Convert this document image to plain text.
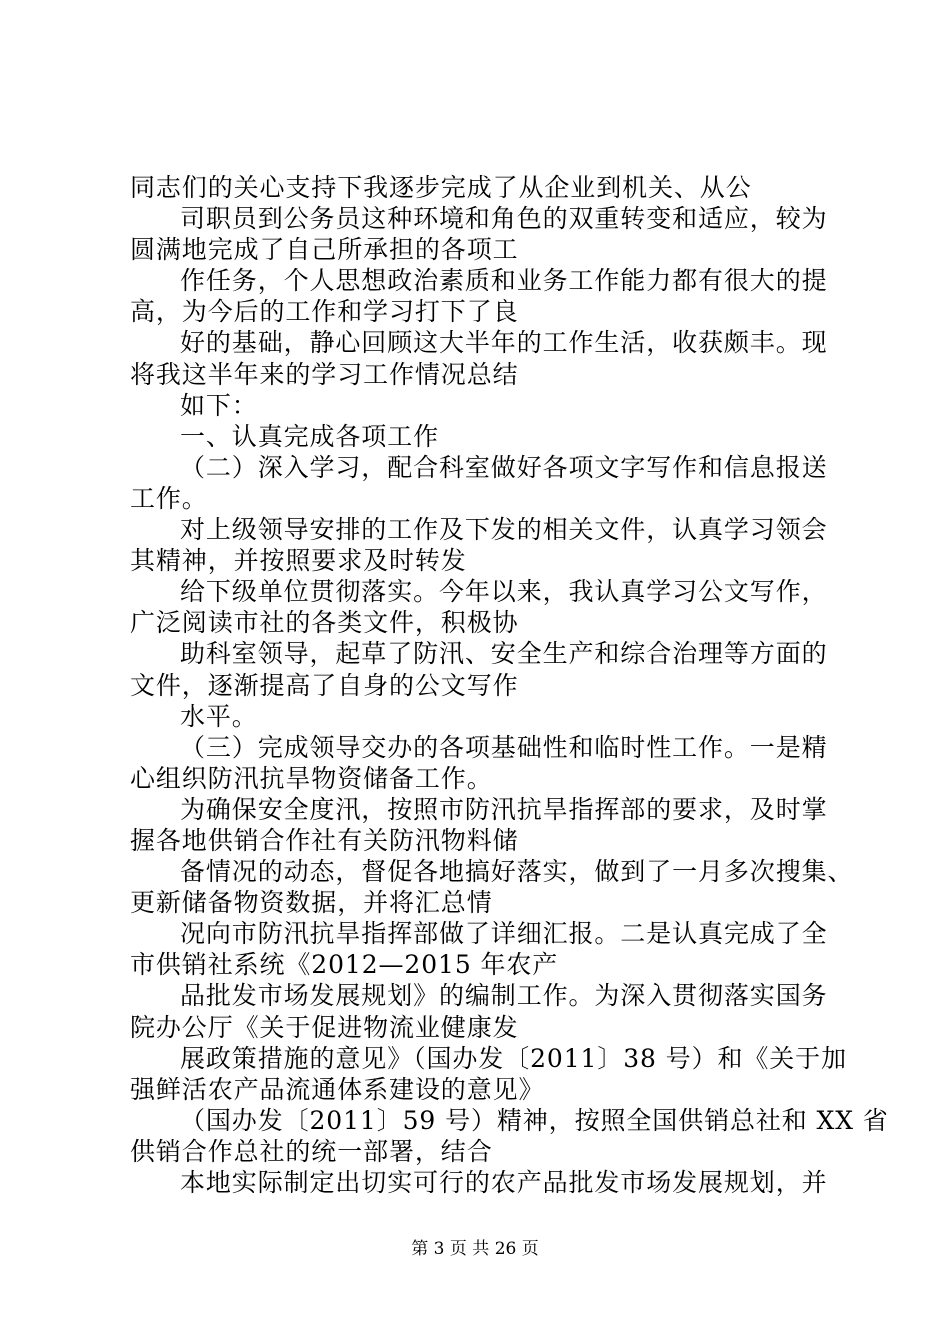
同志们的关心支持下我逐步完成了从企业到机关、从公
司职员到公务员这种环境和角色的双重转变和适应，较为
圆满地完成了自己所承担的各项工
作任务，个人思想政治素质和业务工作能力都有很大的提
高，为今后的工作和学习打下了良
好的基础，静心回顾这大半年的工作生活，收获颇丰。现
将我这半年来的学习工作情况总结
如下：
一、认真完成各项工作
（二）深入学习，配合科室做好各项文字写作和信息报送
工作。
对上级领导安排的工作及下发的相关文件，认真学习领会
其精神，并按照要求及时转发
给下级单位贯彻落实。今年以来，我认真学习公文写作，
广泛阅读市社的各类文件，积极协
助科室领导，起草了防汛、安全生产和综合治理等方面的
文件，逐渐提高了自身的公文写作
水平。
（三）完成领导交办的各项基础性和临时性工作。一是精
心组织防汛抗旱物资储备工作。
为确保安全度汛，按照市防汛抗旱指挥部的要求，及时掌
握各地供销合作社有关防汛物料储
备情况的动态，督促各地搞好落实，做到了一月多次搜集、
更新储备物资数据，并将汇总情
况向市防汛抗旱指挥部做了详细汇报。二是认真完成了全
市供销社系统《2012—2015 年农产
品批发市场发展规划》的编制工作。为深入贯彻落实国务
院办公厅《关于促进物流业健康发
展政策措施的意见》（国办发〔2011〕38 号）和《关于加
强鲜活农产品流通体系建设的意见》
（国办发〔2011〕59 号）精神，按照全国供销总社和 XX 省
供销合作总社的统一部署，结合
本地实际制定出切实可行的农产品批发市场发展规划，并
第 3 页 共 26 页
